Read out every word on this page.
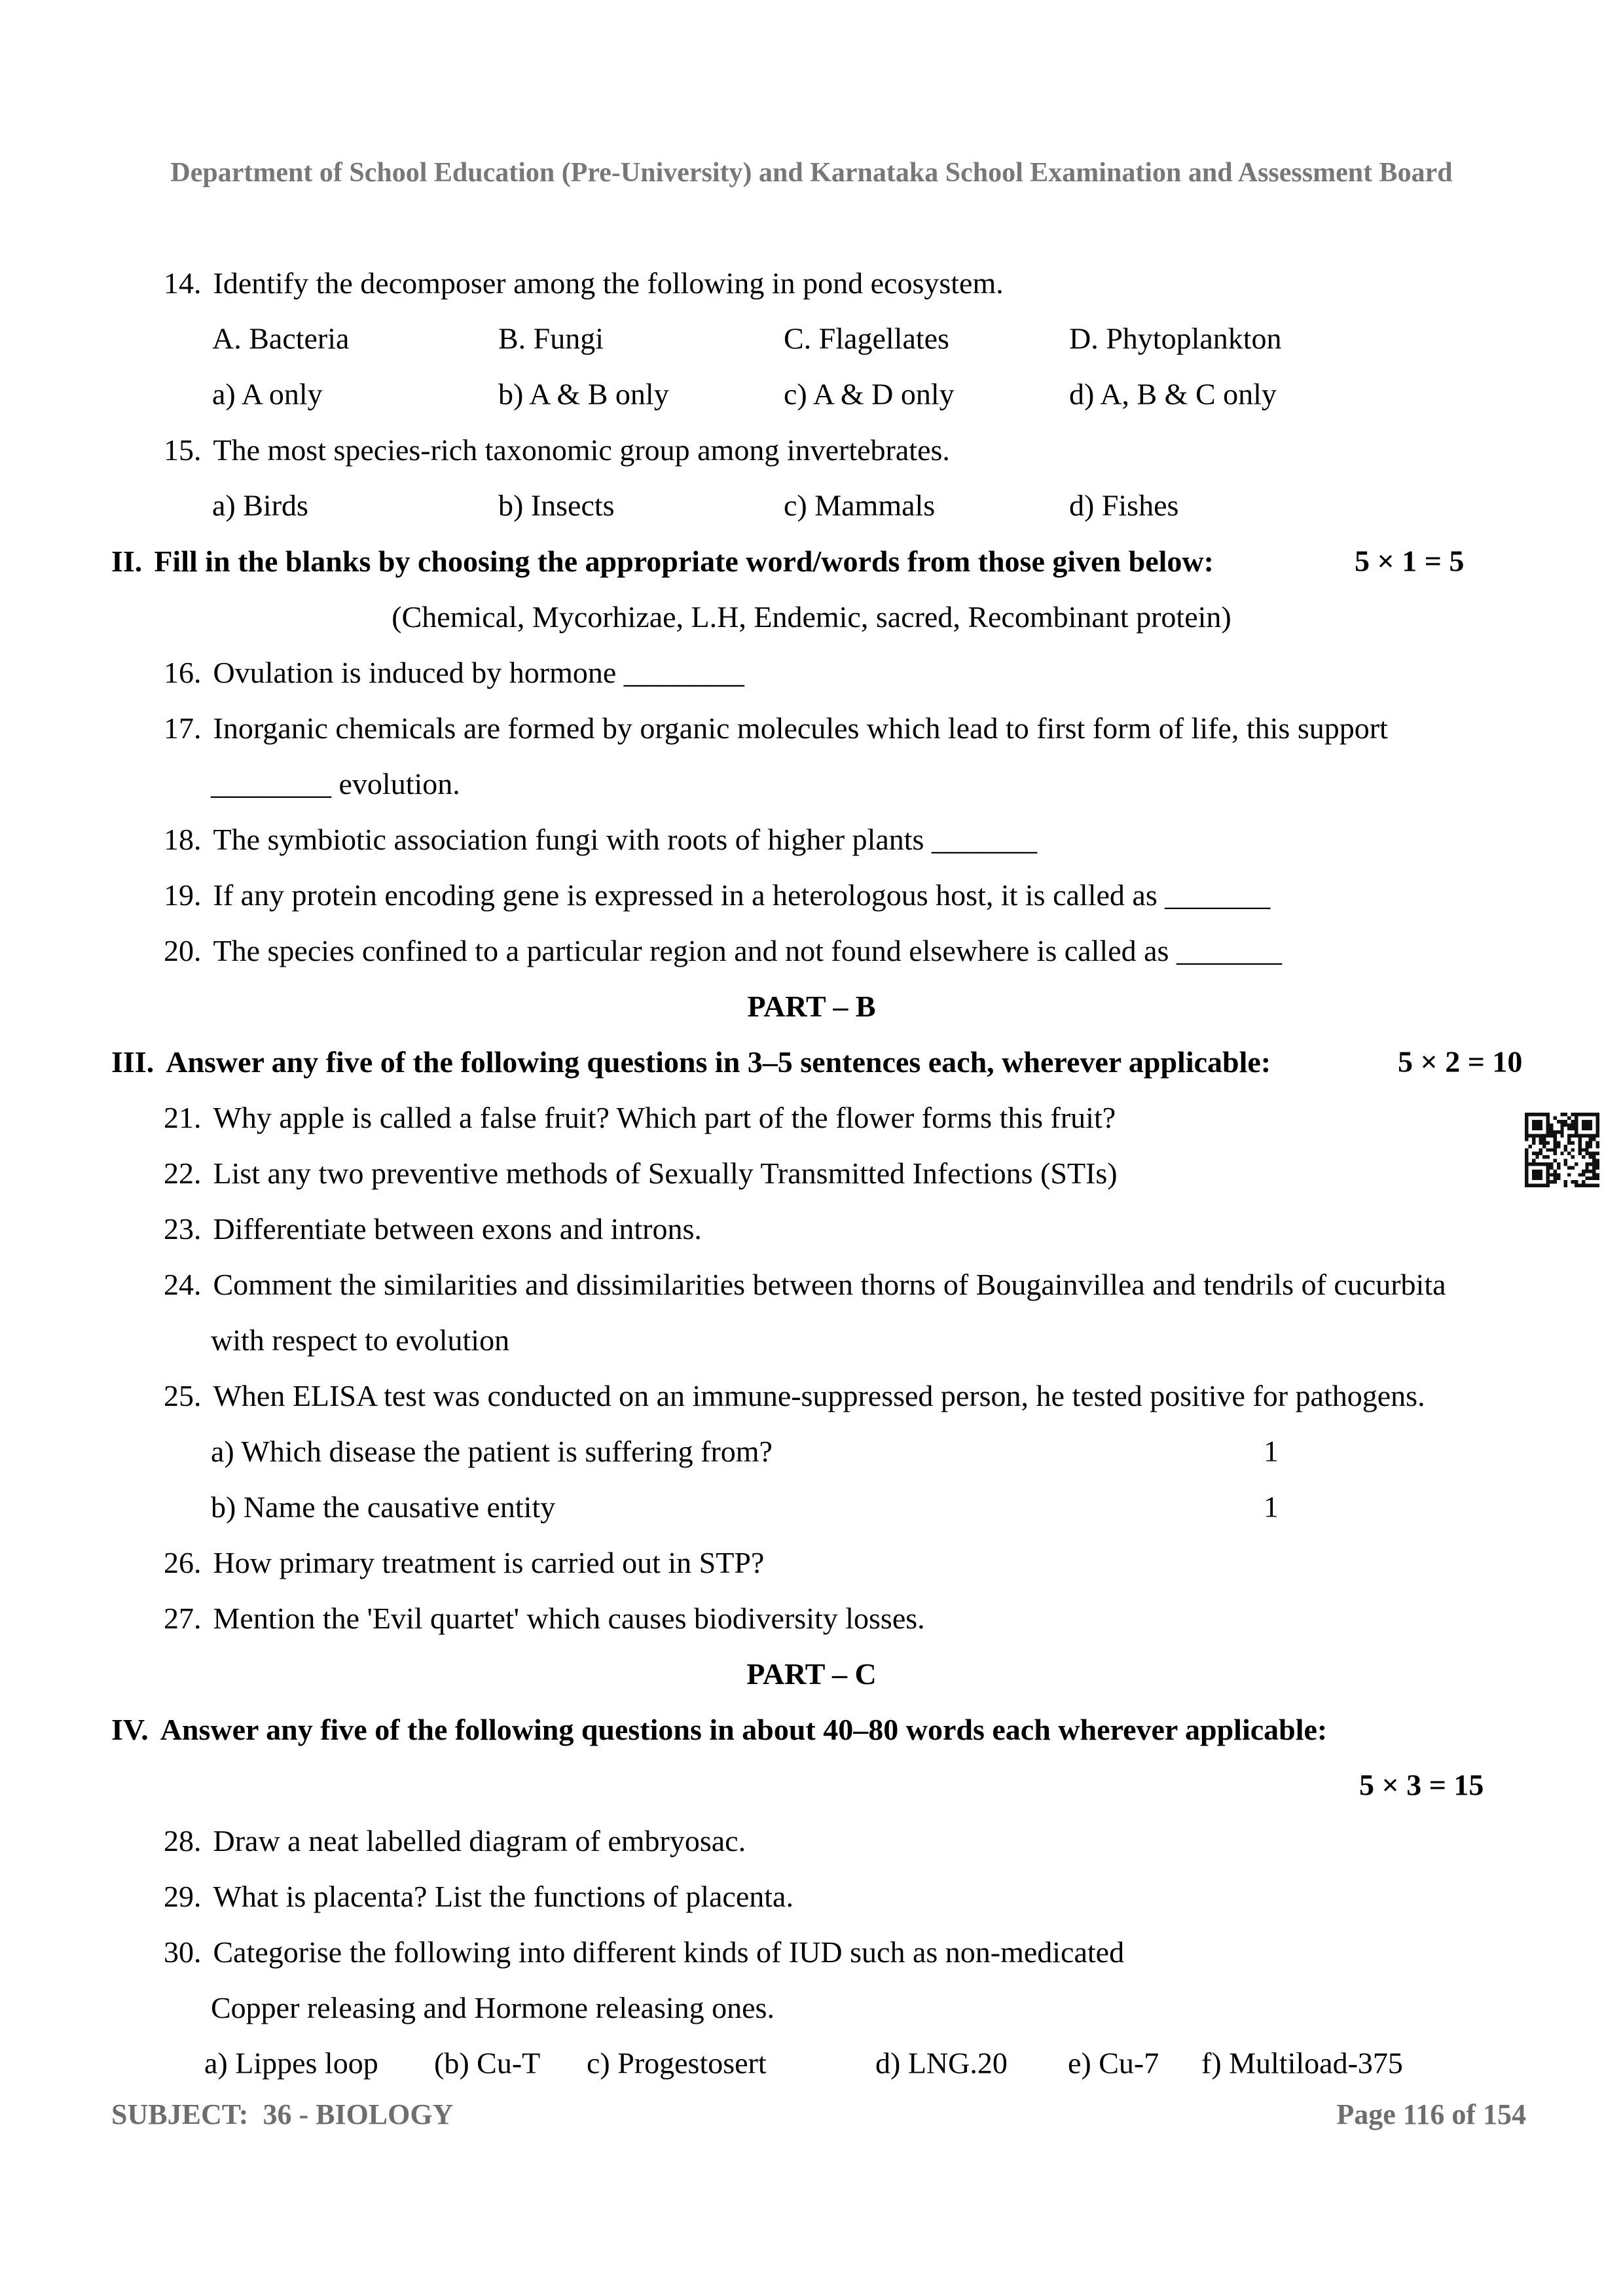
Department of School Education (Pre-University) and Karnataka School Examination and Assessment Board
14. Identify the decomposer among the following in pond ecosystem.
A. Bacteria	B. Fungi	C. Flagellates	D. Phytoplankton
a) A only	b) A & B only	c) A & D only	d) A, B & C only
15. The most species-rich taxonomic group among invertebrates.
a) Birds	b) Insects	c) Mammals	d) Fishes
II. Fill in the blanks by choosing the appropriate word/words from those given below:	5 × 1 = 5
(Chemical, Mycorhizae, L.H, Endemic, sacred, Recombinant protein)
16. Ovulation is induced by hormone ________
17. Inorganic chemicals are formed by organic molecules which lead to first form of life, this support
________ evolution.
18. The symbiotic association fungi with roots of higher plants _______
19. If any protein encoding gene is expressed in a heterologous host, it is called as _______
20. The species confined to a particular region and not found elsewhere is called as _______
PART – B
III. Answer any five of the following questions in 3–5 sentences each, wherever applicable:	5 × 2 = 10
21. Why apple is called a false fruit? Which part of the flower forms this fruit?
22. List any two preventive methods of Sexually Transmitted Infections (STIs)
23. Differentiate between exons and introns.
24. Comment the similarities and dissimilarities between thorns of Bougainvillea and tendrils of cucurbita
with respect to evolution
25. When ELISA test was conducted on an immune-suppressed person, he tested positive for pathogens.
a) Which disease the patient is suffering from?	1
b) Name the causative entity	1
26. How primary treatment is carried out in STP?
27. Mention the 'Evil quartet' which causes biodiversity losses.
PART – C
IV. Answer any five of the following questions in about 40–80 words each wherever applicable:
5 × 3 = 15
28. Draw a neat labelled diagram of embryosac.
29. What is placenta? List the functions of placenta.
30. Categorise the following into different kinds of IUD such as non-medicated
Copper releasing and Hormone releasing ones.
a) Lippes loop (b) Cu-T c) Progestosert	d) LNG.20 e) Cu-7 f) Multiload-375
SUBJECT:  36 - BIOLOGY	Page 116 of 154
